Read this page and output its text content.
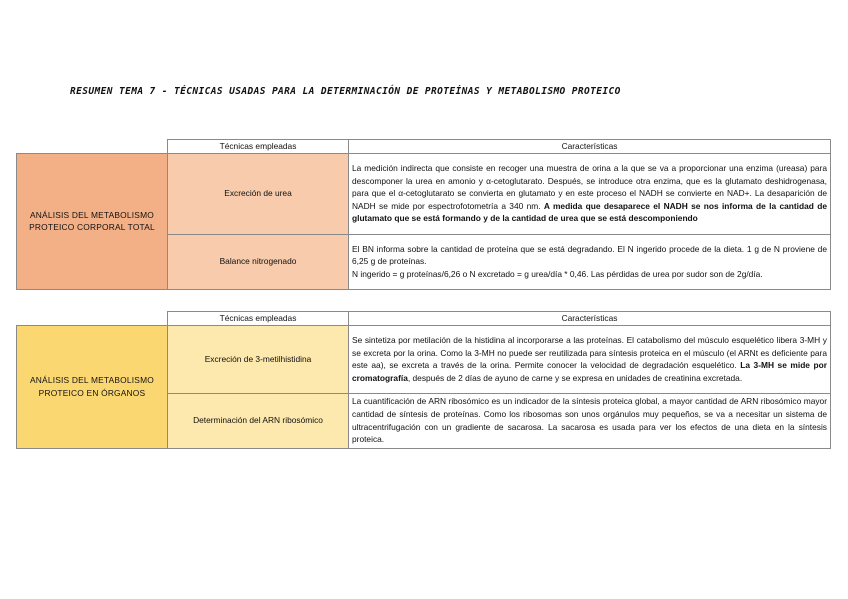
RESUMEN TEMA 7 - TÉCNICAS USADAS PARA LA DETERMINACIÓN DE PROTEÍNAS Y METABOLISMO PROTEICO
	Técnicas empleadas	Características
ANÁLISIS DEL METABOLISMO PROTEICO CORPORAL TOTAL	Excreción de urea	La medición indirecta que consiste en recoger una muestra de orina a la que se va a proporcionar una enzima (ureasa) para descomponer la urea en amonio y α-cetoglutarato. Después, se introduce otra enzima, que es la glutamato deshidrogenasa, para que el α-cetoglutarato se convierta en glutamato y en este proceso el NADH se convierte en NAD+. La desaparición de NADH se mide por espectrofotometría a 340 nm. A medida que desaparece el NADH se nos informa de la cantidad de glutamato que se está formando y de la cantidad de urea que se está descomponiendo
	Balance nitrogenado	El BN informa sobre la cantidad de proteína que se está degradando. El N ingerido procede de la dieta. 1 g de N proviene de 6,25 g de proteínas.
N ingerido = g proteínas/6,26 o N excretado = g urea/día * 0,46. Las pérdidas de urea por sudor son de 2g/día.
	Técnicas empleadas	Características
ANÁLISIS DEL METABOLISMO PROTEICO EN ÓRGANOS	Excreción de 3-metilhistidina	Se sintetiza por metilación de la histidina al incorporarse a las proteínas. El catabolismo del músculo esquelético libera 3-MH y se excreta por la orina. Como la 3-MH no puede ser reutilizada para síntesis proteica en el músculo (el ARNt es deficiente para este aa), se excreta a través de la orina. Permite conocer la velocidad de degradación esquelético. La 3-MH se mide por cromatografía, después de 2 días de ayuno de carne y se expresa en unidades de creatinina excretada.
	Determinación del ARN ribosómico	La cuantificación de ARN ribosómico es un indicador de la síntesis proteica global, a mayor cantidad de ARN ribosómico mayor cantidad de síntesis de proteínas. Como los ribosomas son unos orgánulos muy pequeños, se va a necesitar un sistema de ultracentrifugación con un gradiente de sacarosa. La sacarosa es usada para ver los efectos de una dieta en la síntesis proteica.
